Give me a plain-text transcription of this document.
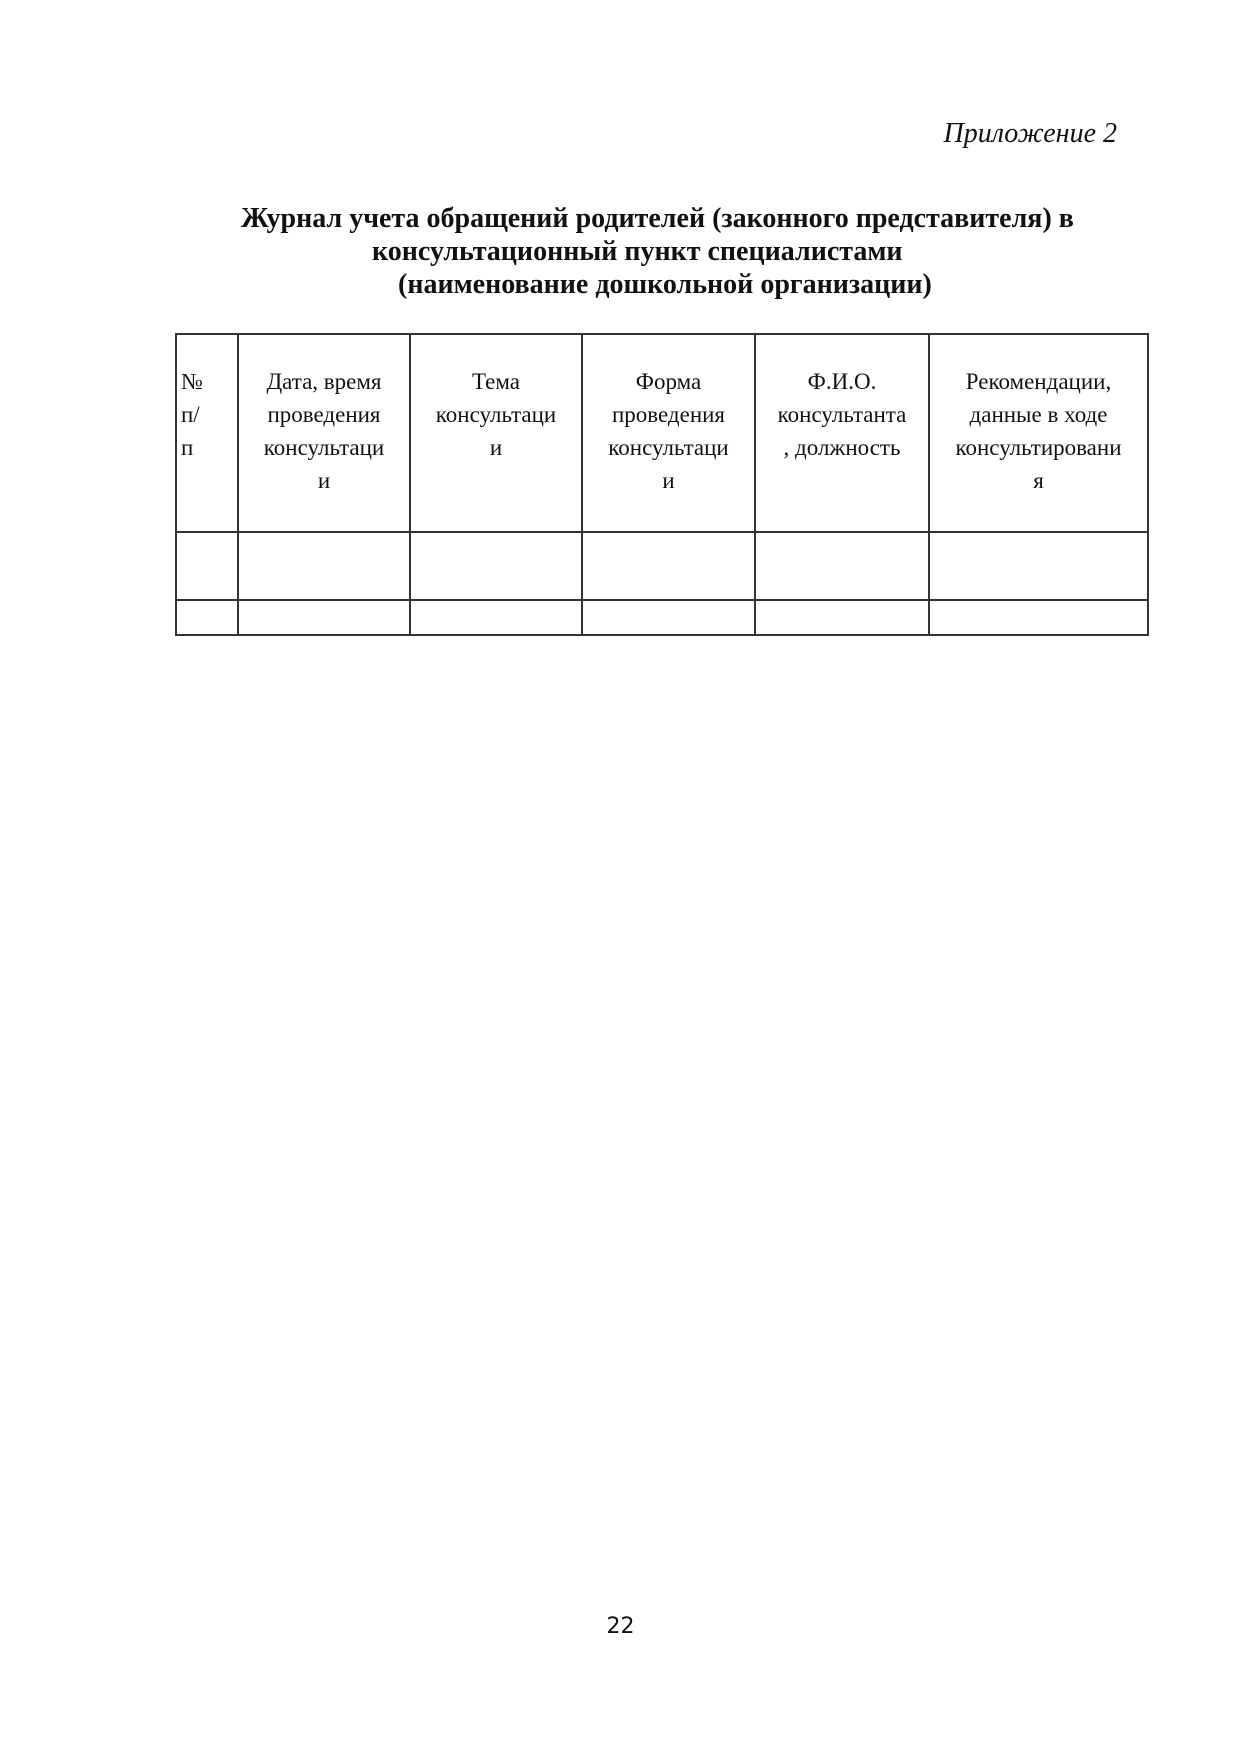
Приложение 2
Журнал учета обращений родителей (законного представителя) в
консультационный пункт специалистами
(наименование дошкольной организации)
№
п/
п	Дата, время
проведения
консультаци
и	Тема
консультаци
и	Форма
проведения
консультаци
и	Ф.И.О.
консультанта
, должность	Рекомендации,
данные в ходе
консультировани
я

22
